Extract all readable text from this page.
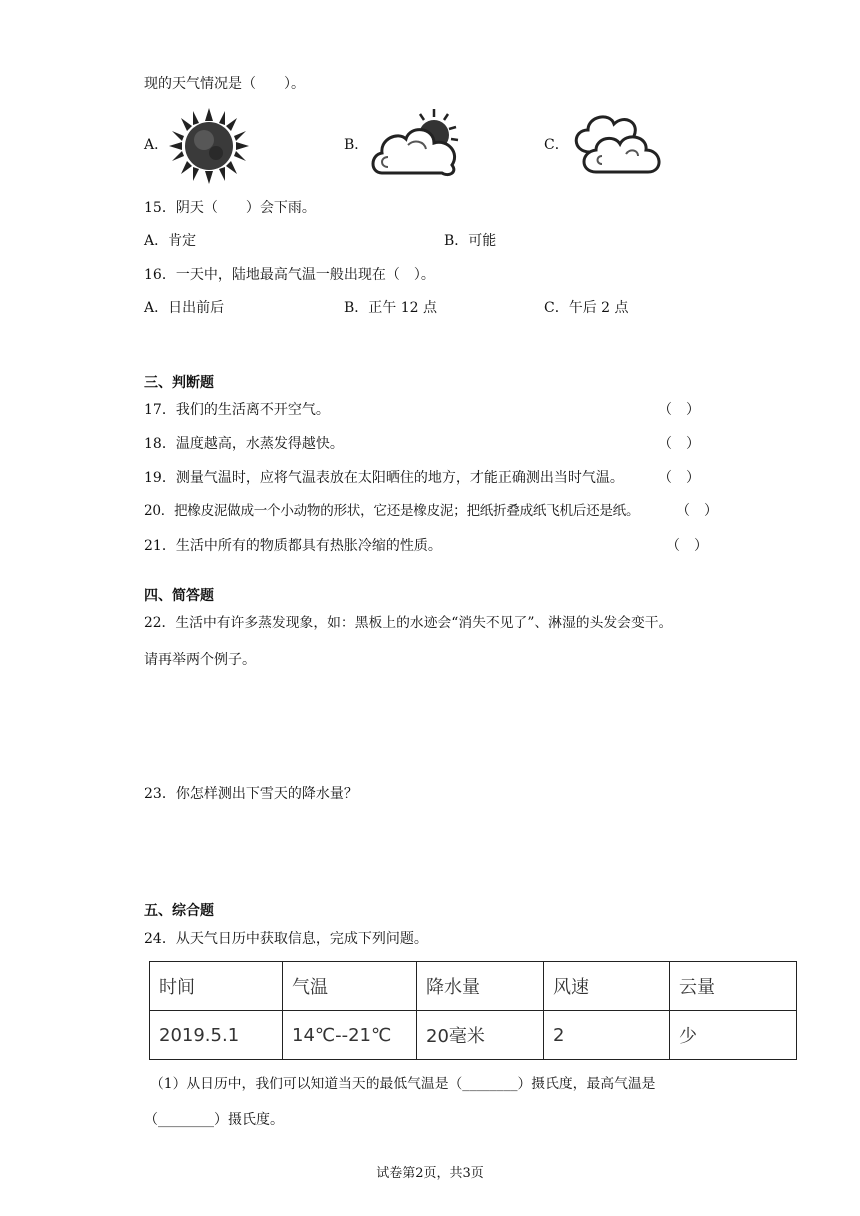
现的天气情况是（　　）。
A．	B．	C．
15．阴天（　　）会下雨。
A．肯定	B．可能
16．一天中，陆地最高气温一般出现在（　）。
A．日出前后	B．正午 12 点	C．午后 2 点
三、判断题
17．我们的生活离不开空气。	（　）
18．温度越高，水蒸发得越快。	（　）
19．测量气温时，应将气温表放在太阳晒住的地方，才能正确测出当时气温。 （　）
20．把橡皮泥做成一个小动物的形状，它还是橡皮泥；把纸折叠成纸飞机后还是纸。	（　）
21．生活中所有的物质都具有热胀冷缩的性质。	（　）
四、简答题
22．生活中有许多蒸发现象，如：黑板上的水迹会“消失不见了”、淋湿的头发会变干。
请再举两个例子。
23．你怎样测出下雪天的降水量？
五、综合题
24．从天气日历中获取信息，完成下列问题。
时间	气温	降水量	风速	云量
2019.5.1	14℃--21℃	20毫米	2	少
（1）从日历中，我们可以知道当天的最低气温是（________）摄氏度，最高气温是
（________）摄氏度。
试卷第2页，共3页
